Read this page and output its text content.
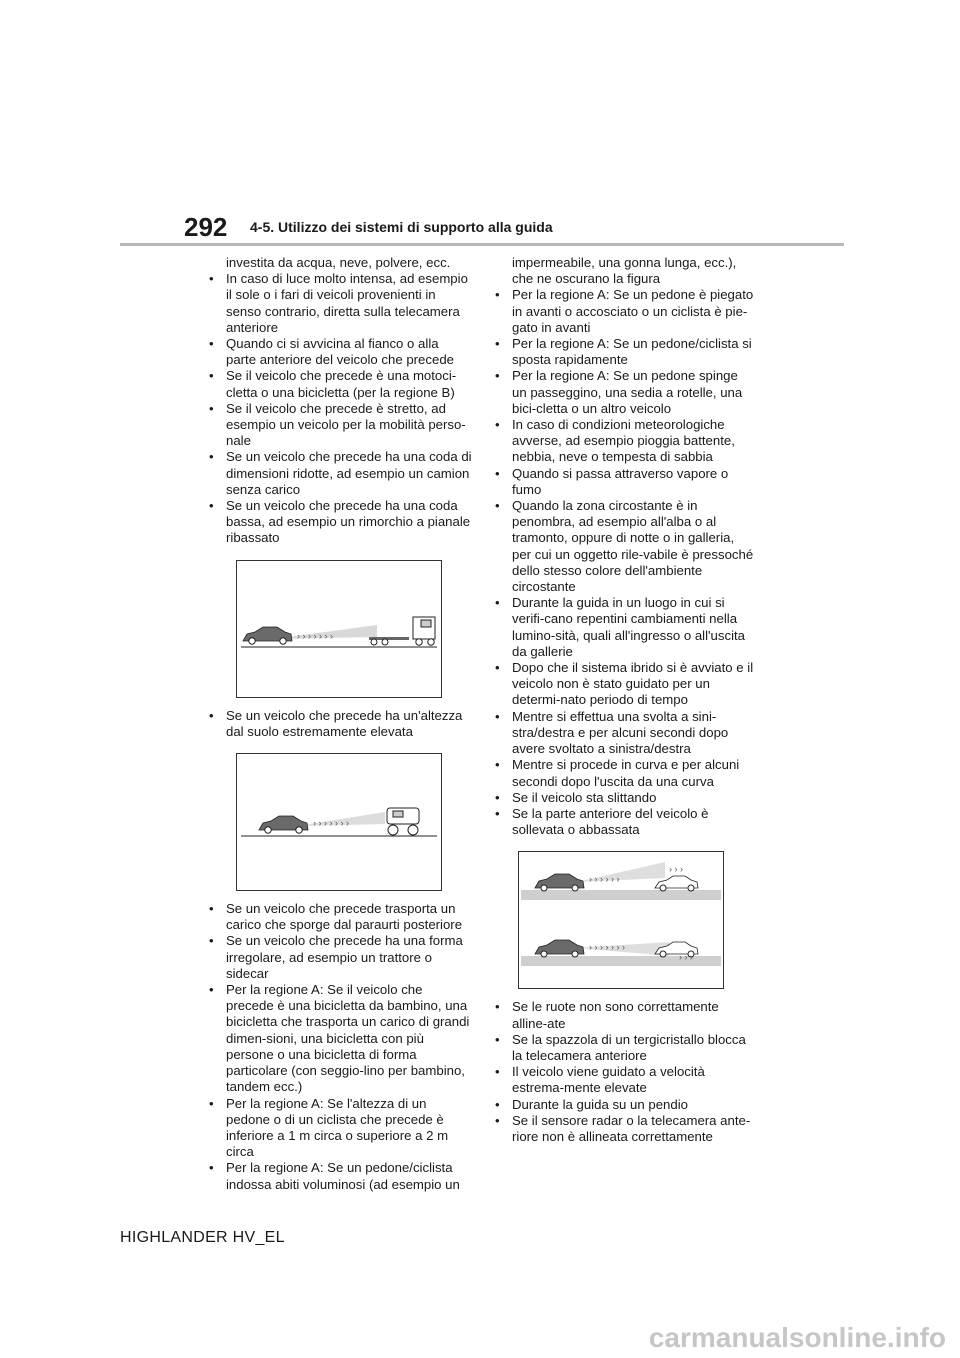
292 4-5. Utilizzo dei sistemi di supporto alla guida
investita da acqua, neve, polvere, ecc.
• In caso di luce molto intensa, ad esempio il sole o i fari di veicoli provenienti in senso contrario, diretta sulla telecamera anteriore
• Quando ci si avvicina al fianco o alla parte anteriore del veicolo che precede
• Se il veicolo che precede è una motoci-cletta o una bicicletta (per la regione B)
• Se il veicolo che precede è stretto, ad esempio un veicolo per la mobilità perso-nale
• Se un veicolo che precede ha una coda di dimensioni ridotte, ad esempio un camion senza carico
• Se un veicolo che precede ha una coda bassa, ad esempio un rimorchio a pianale ribassato
› › › › › › ›
• Se un veicolo che precede ha un'altezza dal suolo estremamente elevata
› › › › › › ›
• Se un veicolo che precede trasporta un carico che sporge dal paraurti posteriore
• Se un veicolo che precede ha una forma irregolare, ad esempio un trattore o sidecar
• Per la regione A: Se il veicolo che precede è una bicicletta da bambino, una bicicletta che trasporta un carico di grandi dimen-sioni, una bicicletta con più persone o una bicicletta di forma particolare (con seggio-lino per bambino, tandem ecc.)
• Per la regione A: Se l'altezza di un pedone o di un ciclista che precede è inferiore a 1 m circa o superiore a 2 m circa
• Per la regione A: Se un pedone/ciclista indossa abiti voluminosi (ad esempio un
impermeabile, una gonna lunga, ecc.), che ne oscurano la figura
• Per la regione A: Se un pedone è piegato in avanti o accosciato o un ciclista è pie-gato in avanti
• Per la regione A: Se un pedone/ciclista si sposta rapidamente
• Per la regione A: Se un pedone spinge un passeggino, una sedia a rotelle, una bici-cletta o un altro veicolo
• In caso di condizioni meteorologiche avverse, ad esempio pioggia battente, nebbia, neve o tempesta di sabbia
• Quando si passa attraverso vapore o fumo
• Quando la zona circostante è in penombra, ad esempio all'alba o al tramonto, oppure di notte o in galleria, per cui un oggetto rile-vabile è pressoché dello stesso colore dell'ambiente circostante
• Durante la guida in un luogo in cui si verifi-cano repentini cambiamenti nella lumino-sità, quali all'ingresso o all'uscita da gallerie
• Dopo che il sistema ibrido si è avviato e il veicolo non è stato guidato per un determi-nato periodo di tempo
• Mentre si effettua una svolta a sini-stra/destra e per alcuni secondi dopo avere svoltato a sinistra/destra
• Mentre si procede in curva e per alcuni secondi dopo l'uscita da una curva
• Se il veicolo sta slittando
• Se la parte anteriore del veicolo è sollevata o abbassata
› › › › › ›
› › ›
› › › › › › ›
› › ›
• Se le ruote non sono correttamente alline-ate
• Se la spazzola di un tergicristallo blocca la telecamera anteriore
• Il veicolo viene guidato a velocità estrema-mente elevate
• Durante la guida su un pendio
• Se il sensore radar o la telecamera ante-riore non è allineata correttamente
HIGHLANDER HV_EL
carmanualsonline.info
